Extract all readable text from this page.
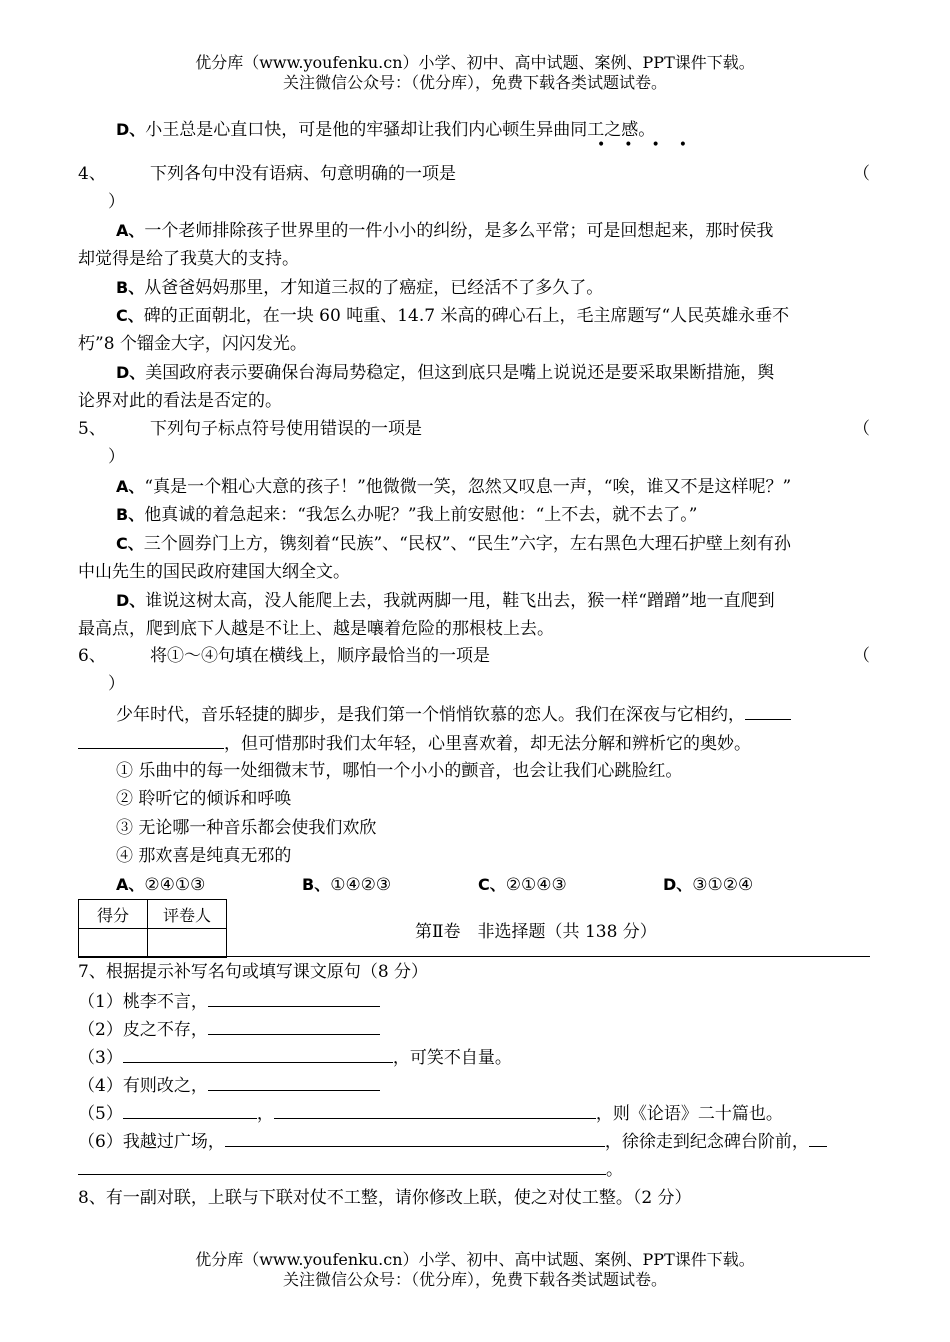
优分库（www.youfenku.cn）小学、初中、高中试题、案例、PPT课件下载。
关注微信公众号：（优分库），免费下载各类试题试卷。
D、小王总是心直口快，可是他的牢骚却让我们内心顿生异曲同工之感。
••••
4、	下列各句中没有语病、句意明确的一项是	（
）
A、一个老师排除孩子世界里的一件小小的纠纷，是多么平常；可是回想起来，那时侯我
却觉得是给了我莫大的支持。
B、从爸爸妈妈那里，才知道三叔的了癌症，已经活不了多久了。
C、碑的正面朝北，在一块 60 吨重、14.7 米高的碑心石上，毛主席题写“人民英雄永垂不
朽”8 个镏金大字，闪闪发光。
D、美国政府表示要确保台海局势稳定，但这到底只是嘴上说说还是要采取果断措施，舆
论界对此的看法是否定的。
5、	下列句子标点符号使用错误的一项是	（
）
A、“真是一个粗心大意的孩子！”他微微一笑，忽然又叹息一声，“唉，谁又不是这样呢？”
B、他真诚的着急起来：“我怎么办呢？”我上前安慰他：“上不去，就不去了。”
C、三个圆券门上方，镌刻着“民族”、“民权”、“民生”六字，左右黑色大理石护壁上刻有孙
中山先生的国民政府建国大纲全文。
D、谁说这树太高，没人能爬上去，我就两脚一甩，鞋飞出去，猴一样“蹭蹭”地一直爬到
最高点，爬到底下人越是不让上、越是嚷着危险的那根枝上去。
6、	将①～④句填在横线上，顺序最恰当的一项是	（
）
少年时代，音乐轻捷的脚步，是我们第一个悄悄钦慕的恋人。我们在深夜与它相约，
，但可惜那时我们太年轻，心里喜欢着，却无法分解和辨析它的奥妙。
① 乐曲中的每一处细微末节，哪怕一个小小的颤音，也会让我们心跳脸红。
② 聆听它的倾诉和呼唤
③ 无论哪一种音乐都会使我们欢欣
④ 那欢喜是纯真无邪的
A、②④①③	B、①④②③	C、②①④③	D、③①②④
得分	评卷人

第Ⅱ卷　非选择题（共 138 分）
7、根据提示补写名句或填写课文原句（8 分）
（1）桃李不言，
（2）皮之不存，
（3）	，可笑不自量。
（4）有则改之，
（5）	，	，则《论语》二十篇也。
（6）我越过广场，	，徐徐走到纪念碑台阶前，
。
8、有一副对联，上联与下联对仗不工整，请你修改上联，使之对仗工整。（2 分）
优分库（www.youfenku.cn）小学、初中、高中试题、案例、PPT课件下载。
关注微信公众号：（优分库），免费下载各类试题试卷。
